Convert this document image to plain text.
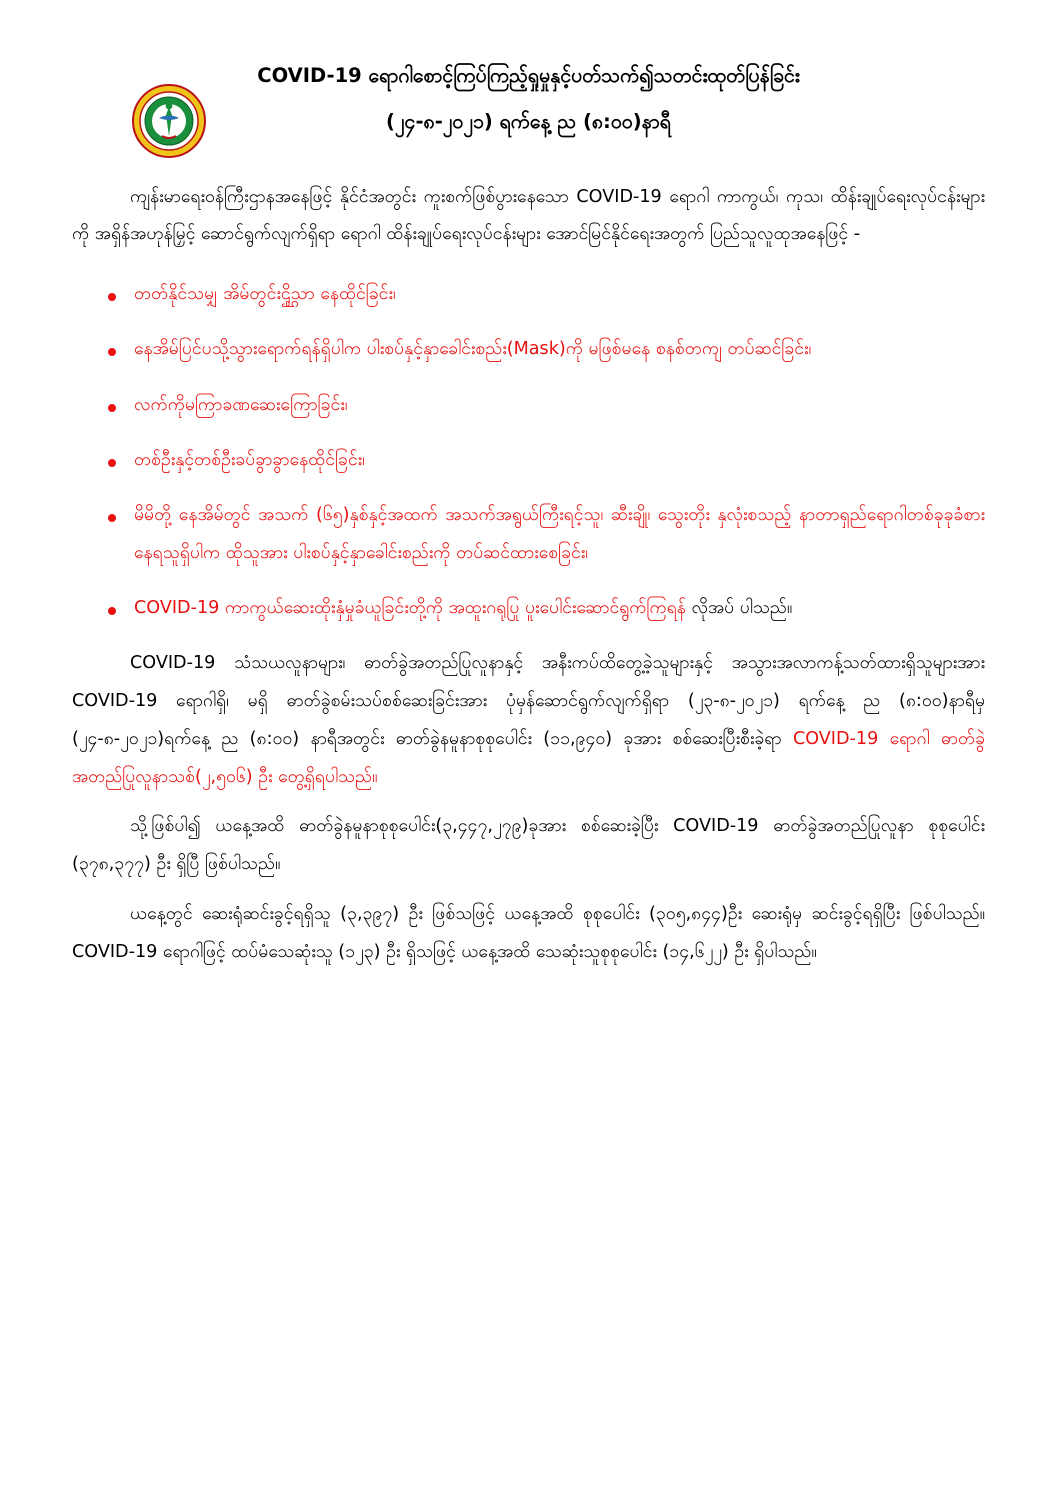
COVID-19 ရောဂါစောင့်ကြပ်ကြည့်ရှုမှုနှင့်ပတ်သက်၍သတင်းထုတ်ပြန်ခြင်း
(၂၄-၈-၂၀၂၁) ရက်နေ့ ည (၈:၀၀)နာရီ

ကျန်းမာရေးဝန်ကြီးဌာနအနေဖြင့် နိုင်ငံအတွင်း ကူးစက်ဖြစ်ပွားနေသော COVID-19 ရောဂါ ကာကွယ်၊ ကုသ၊ ထိန်းချုပ်ရေးလုပ်ငန်းများကို အရှိန်အဟုန်မြှင့် ဆောင်ရွက်လျက်ရှိရာ ရောဂါ ထိန်းချုပ်ရေးလုပ်ငန်းများ အောင်မြင်နိုင်ရေးအတွက် ပြည်သူလူထုအနေဖြင့် -

တတ်နိုင်သမျှ အိမ်တွင်းဌ္ဌိသာ နေထိုင်ခြင်း၊
နေအိမ်ပြင်ပသို့သွားရောက်ရန်ရှိပါက ပါးစပ်နှင့်နှာခေါင်းစည်း(Mask)ကို မဖြစ်မနေ စနစ်တကျ တပ်ဆင်ခြင်း၊
လက်ကိုမကြာခဏဆေးကြောခြင်း၊
တစ်ဦးနှင့်တစ်ဦးခပ်ခွာခွာနေထိုင်ခြင်း၊
မိမိတို့ နေအိမ်တွင် အသက် (၆၅)နှစ်နှင့်အထက် အသက်အရွယ်ကြီးရင့်သူ၊ ဆီးချို၊ သွေးတိုး နှလုံးစသည့် နာတာရှည်ရောဂါတစ်ခုခုခံစားနေရသူရှိပါက ထိုသူအား ပါးစပ်နှင့်နှာခေါင်းစည်းကို တပ်ဆင်ထားစေခြင်း၊
COVID-19 ကာကွယ်ဆေးထိုးနှံမှုခံယူခြင်းတို့ကို အထူးဂရုပြု ပူးပေါင်းဆောင်ရွက်ကြရန် လိုအပ် ပါသည်။

COVID-19 သံသယလူနာများ၊ ဓာတ်ခွဲအတည်ပြုလူနာနှင့် အနီးကပ်ထိတွေ့ခဲ့သူများနှင့် အသွားအလာကန့်သတ်ထားရှိသူများအား COVID-19 ရောဂါရှိ၊ မရှိ ဓာတ်ခွဲစမ်းသပ်စစ်ဆေးခြင်းအား ပုံမှန်ဆောင်ရွက်လျက်ရှိရာ (၂၃-၈-၂၀၂၁) ရက်နေ့ ည (၈:၀၀)နာရီမှ (၂၄-၈-၂၀၂၁)ရက်နေ့ ည (၈:၀၀) နာရီအတွင်း ဓာတ်ခွဲနမူနာစုစုပေါင်း (၁၁,၉၄၀) ခုအား စစ်ဆေးပြီးစီးခဲ့ရာ COVID-19 ရောဂါ ဓာတ်ခွဲအတည်ပြုလူနာသစ်(၂,၅၀၆) ဦး တွေ့ရှိရပါသည်။

သို့ဖြစ်ပါ၍ ယနေ့အထိ ဓာတ်ခွဲနမူနာစုစုပေါင်း(၃,၄၄၇,၂၇၉)ခုအား စစ်ဆေးခဲ့ပြီး COVID-19 ဓာတ်ခွဲအတည်ပြုလူနာ စုစုပေါင်း (၃၇၈,၃၇၇) ဦး ရှိပြီ ဖြစ်ပါသည်။

ယနေ့တွင် ဆေးရုံဆင်းခွင့်ရရှိသူ (၃,၃၉၇) ဦး ဖြစ်သဖြင့် ယနေ့အထိ စုစုပေါင်း (၃၀၅,၈၄၄)ဦး ဆေးရုံမှ ဆင်းခွင့်ရရှိပြီး ဖြစ်ပါသည်။ COVID-19 ရောဂါဖြင့် ထပ်မံသေဆုံးသူ (၁၂၃) ဦး ရှိသဖြင့် ယနေ့အထိ သေဆုံးသူစုစုပေါင်း (၁၄,၆၂၂) ဦး ရှိပါသည်။
